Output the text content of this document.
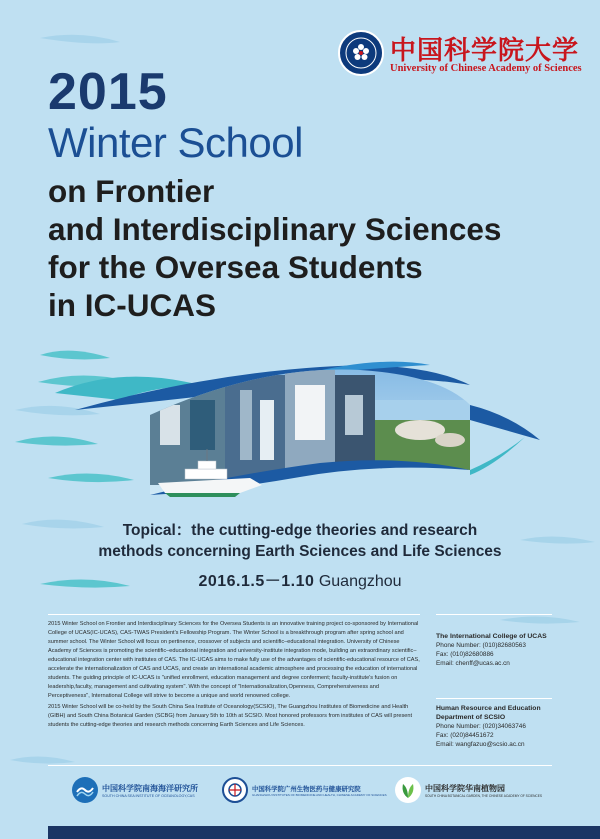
中国科学院大学
University of Chinese Academy of Sciences
2015
Winter School
on Frontier
and Interdisciplinary Sciences
for the Oversea Students
in IC-UCAS
Topical：the cutting-edge theories and research
methods concerning Earth Sciences and Life Sciences
2016.1.5－1.10 Guangzhou

2015 Winter School on Frontier and Interdisciplinary Sciences for the Oversea Students is an innovative training project co-sponsored by International College of UCAS(IC-UCAS), CAS-TWAS President's Fellowship Program. The Winter School is a breakthrough program after spring school and summer school. The Winter School will focus on pertinence, crossover of subjects and scientific–educational integration. University of Chinese Academy of Sciences is promoting the scientific–educational integration and university-institute integration mode, building an extraordinary scientific–educational integration center with institutes of CAS. The IC-UCAS aims to make fully use of the advantages of scientific-educational resource of CAS, accelerate the internationalization of CAS and UCAS, and create an international academic atmosphere and processing the education of international students. The guiding principle of IC-UCAS is "unified enrollment, education management and degree conferment; faculty-institute's fusion on leadership,faculty, management and cultivating system". With the concept of "Internationalization,Openness, Comprehensiveness and Perceptiveness", International College will strive to become a unique and world renowned college.

2015 Winter School will be co-held by the South China Sea Institute of Oceanology(SCSIO), The Guangzhou Institutes of Biomedicine and Health (GIBH) and South China Botanical Garden (SCBG) from January 5th to 10th at SCSIO. Most honored professors from institutes of CAS will present students the cutting-edge theories and research methods concerning Earth Sciences and Life Sciences.

The International College of UCAS
Phone Number: (010)82680563
Fax: (010)82680886
Email: chenff@ucas.ac.cn
Human Resource and Education Department of SCSIO
Phone Number: (020)34063746
Fax: (020)84451672
Email: wangfazuo@scsio.ac.cn
中国科学院南海海洋研究所
SOUTH CHINA SEA INSTITUTE OF OCEANOLOGY,CAS
中国科学院广州生物医药与健康研究院
GUANGZHOU INSTITUTES OF BIOMEDICINE AND HEALTH, CHINESE ACADEMY OF SCIENCES
中国科学院华南植物园
SOUTH CHINA BOTANICAL GARDEN, THE CHINESE ACADEMY OF SCIENCES
